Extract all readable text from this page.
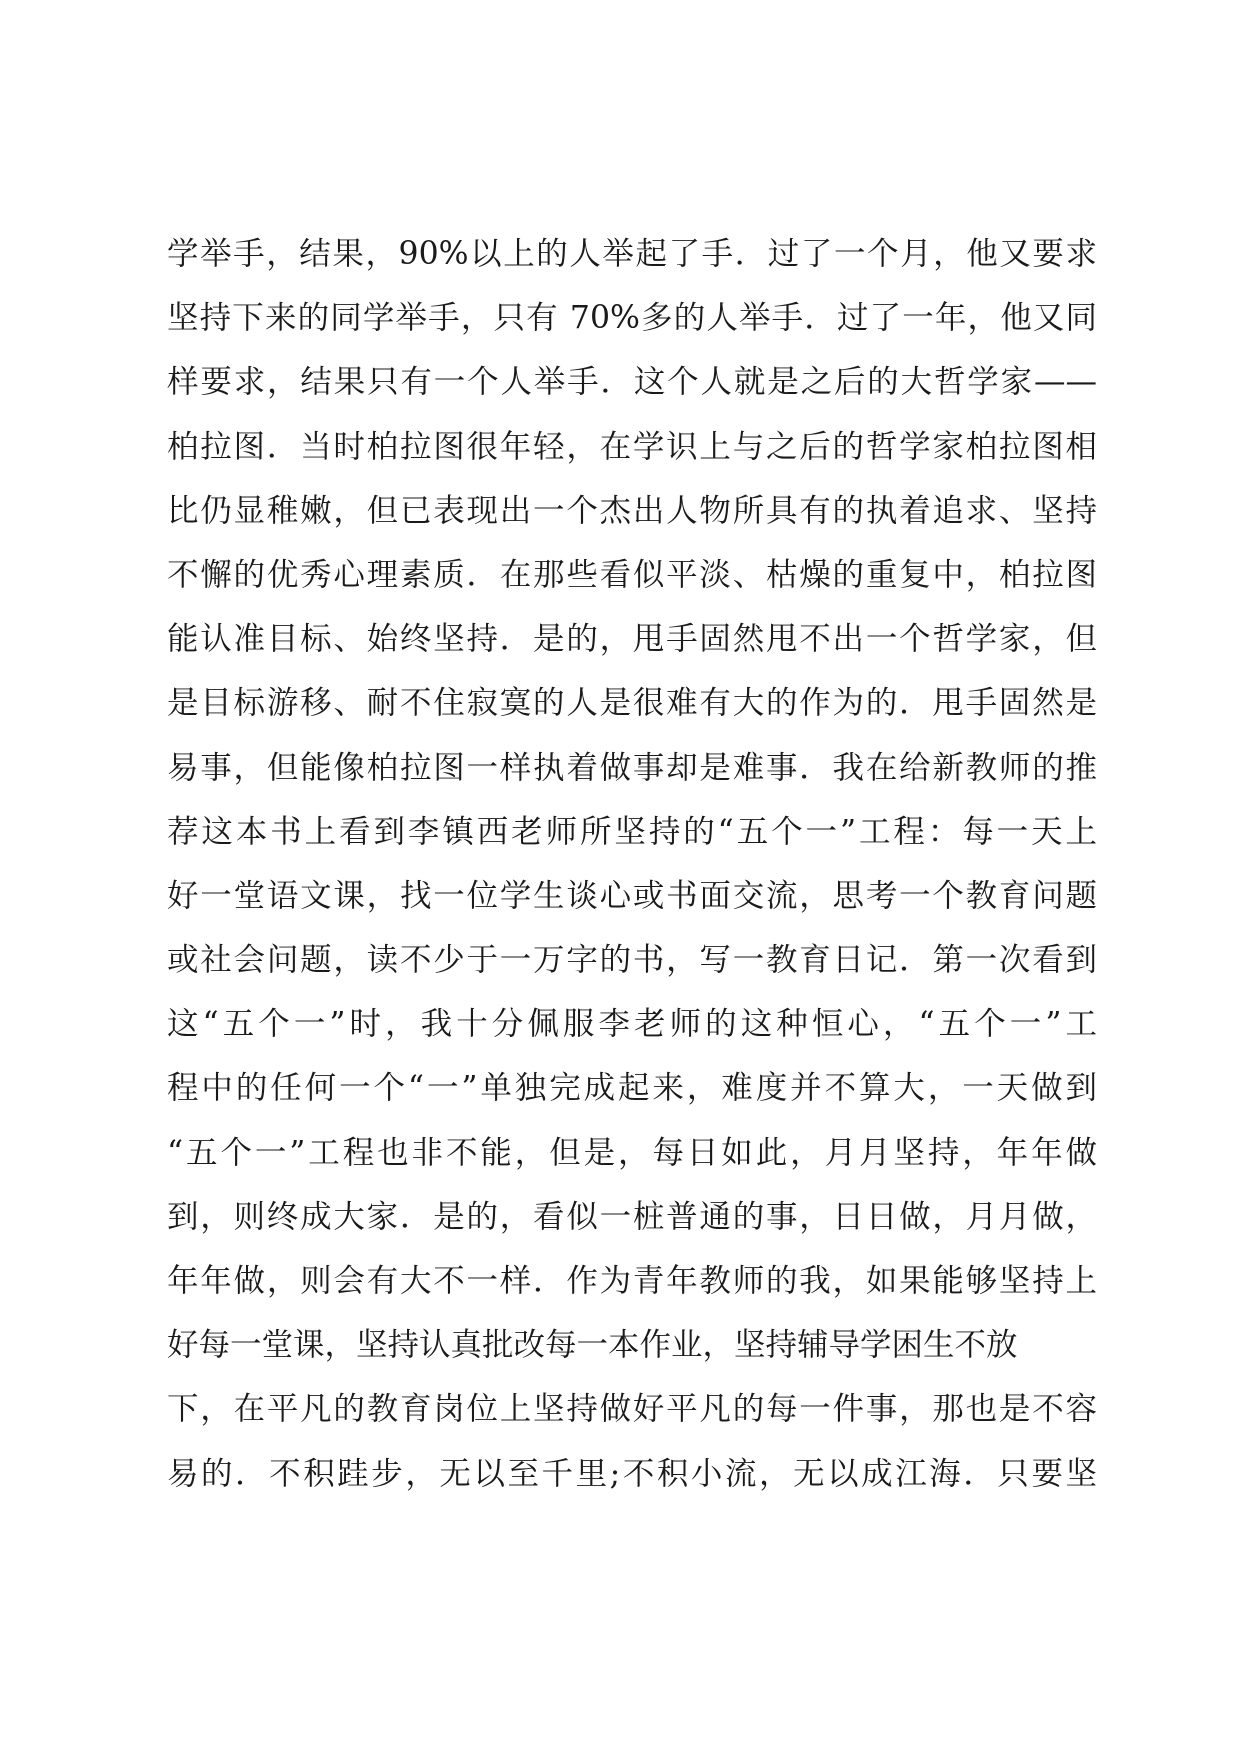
学举手，结果，90%以上的人举起了手．过了一个月，他又要求
坚持下来的同学举手，只有 70%多的人举手．过了一年，他又同
样要求，结果只有一个人举手．这个人就是之后的大哲学家——
柏拉图．当时柏拉图很年轻，在学识上与之后的哲学家柏拉图相
比仍显稚嫩，但已表现出一个杰出人物所具有的执着追求、坚持
不懈的优秀心理素质．在那些看似平淡、枯燥的重复中，柏拉图
能认准目标、始终坚持．是的，甩手固然甩不出一个哲学家，但
是目标游移、耐不住寂寞的人是很难有大的作为的．甩手固然是
易事，但能像柏拉图一样执着做事却是难事．我在给新教师的推
荐这本书上看到李镇西老师所坚持的“五个一”工程：每一天上
好一堂语文课，找一位学生谈心或书面交流，思考一个教育问题
或社会问题，读不少于一万字的书，写一教育日记．第一次看到
这“五个一”时，我十分佩服李老师的这种恒心，“五个一”工
程中的任何一个“一”单独完成起来，难度并不算大，一天做到
“五个一”工程也非不能，但是，每日如此，月月坚持，年年做
到，则终成大家．是的，看似一桩普通的事，日日做，月月做，
年年做，则会有大不一样．作为青年教师的我，如果能够坚持上
好每一堂课，坚持认真批改每一本作业，坚持辅导学困生不放
下，在平凡的教育岗位上坚持做好平凡的每一件事，那也是不容
易的．不积跬步，无以至千里;不积小流，无以成江海．只要坚
